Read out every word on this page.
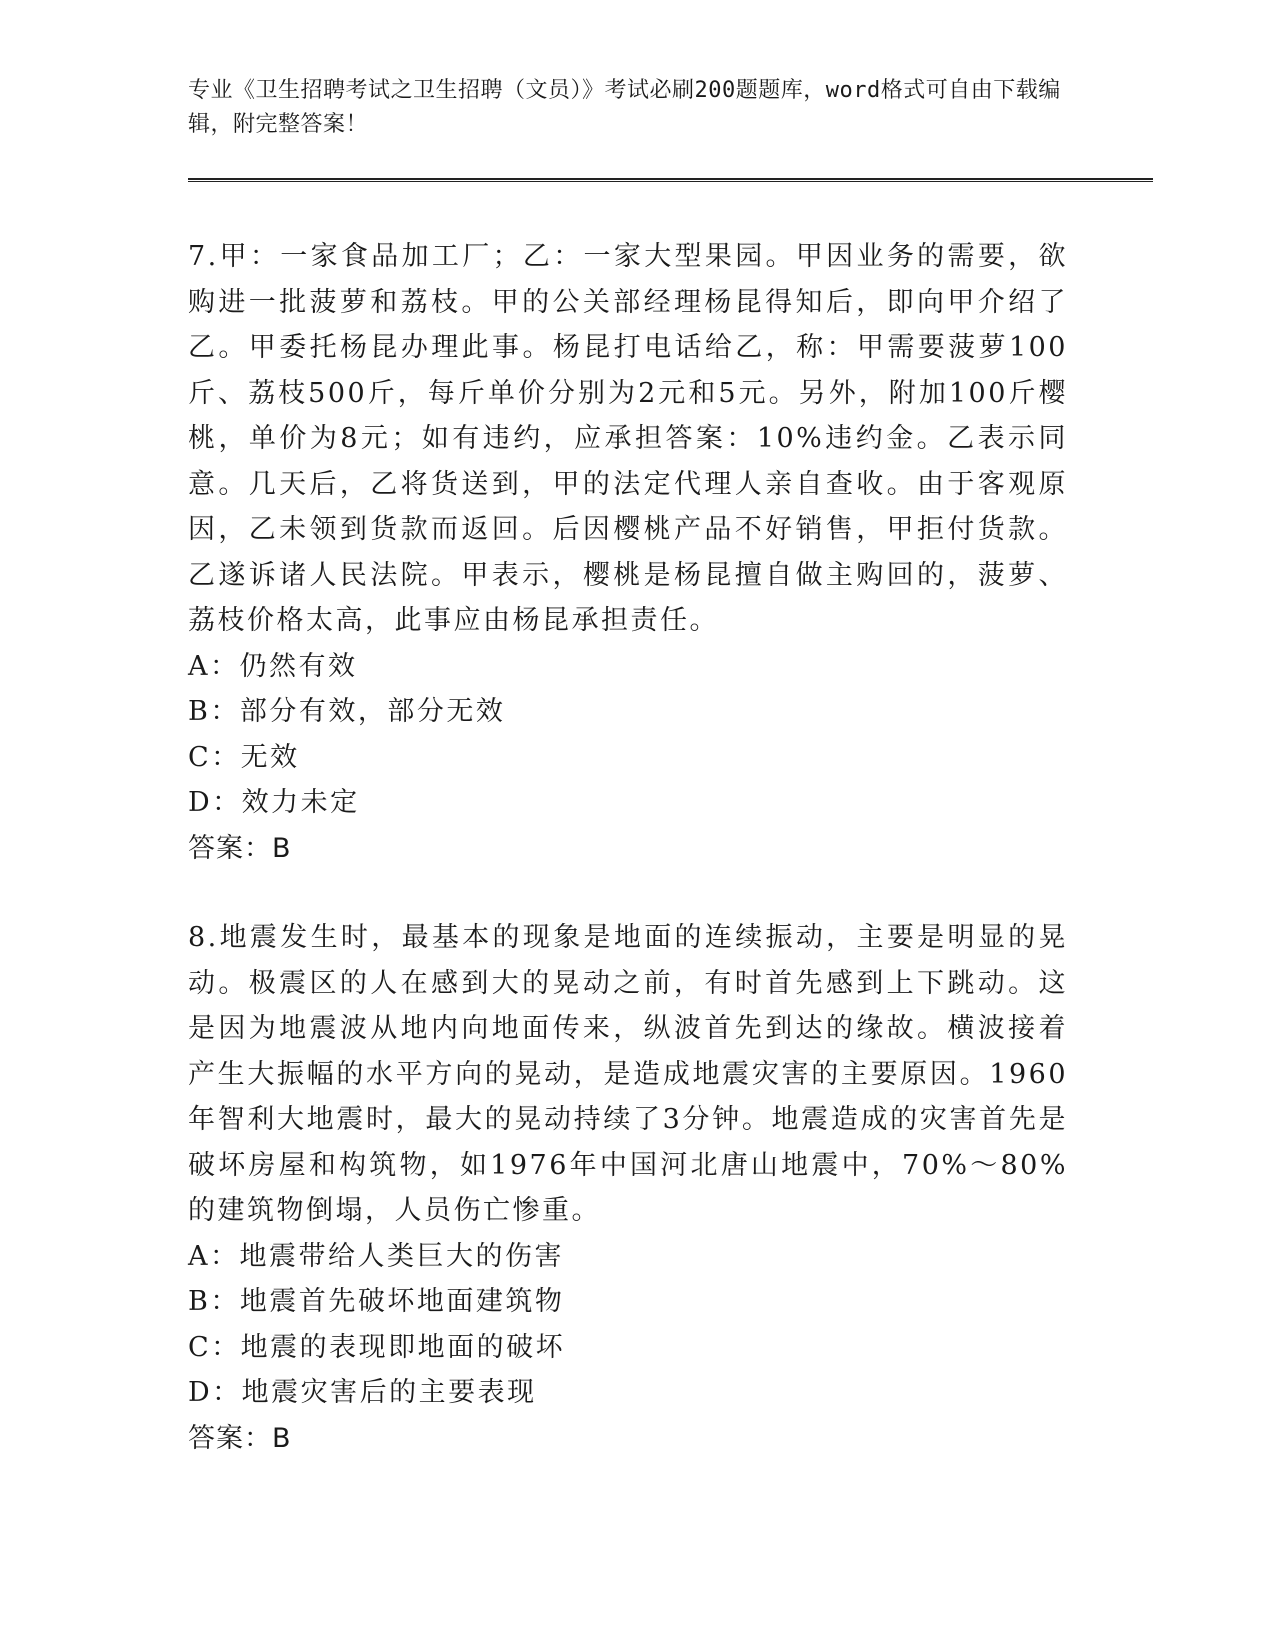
专业《卫生招聘考试之卫生招聘（文员）》考试必刷200题题库，word格式可自由下载编辑，附完整答案！

7.甲：一家食品加工厂；乙：一家大型果园。甲因业务的需要，欲购进一批菠萝和荔枝。甲的公关部经理杨昆得知后，即向甲介绍了乙。甲委托杨昆办理此事。杨昆打电话给乙，称：甲需要菠萝100斤、荔枝500斤，每斤单价分别为2元和5元。另外，附加100斤樱桃，单价为8元；如有违约，应承担答案：10%违约金。乙表示同意。几天后，乙将货送到，甲的法定代理人亲自查收。由于客观原因，乙未领到货款而返回。后因樱桃产品不好销售，甲拒付货款。乙遂诉诸人民法院。甲表示，樱桃是杨昆擅自做主购回的，菠萝、荔枝价格太高，此事应由杨昆承担责任。

A：仍然有效

B：部分有效，部分无效

C：无效

D：效力未定

答案：B

8.地震发生时，最基本的现象是地面的连续振动，主要是明显的晃动。极震区的人在感到大的晃动之前，有时首先感到上下跳动。这是因为地震波从地内向地面传来，纵波首先到达的缘故。横波接着产生大振幅的水平方向的晃动，是造成地震灾害的主要原因。1960年智利大地震时，最大的晃动持续了3分钟。地震造成的灾害首先是破坏房屋和构筑物，如1976年中国河北唐山地震中，70%～80%的建筑物倒塌，人员伤亡惨重。

A：地震带给人类巨大的伤害

B：地震首先破坏地面建筑物

C：地震的表现即地面的破坏

D：地震灾害后的主要表现

答案：B
